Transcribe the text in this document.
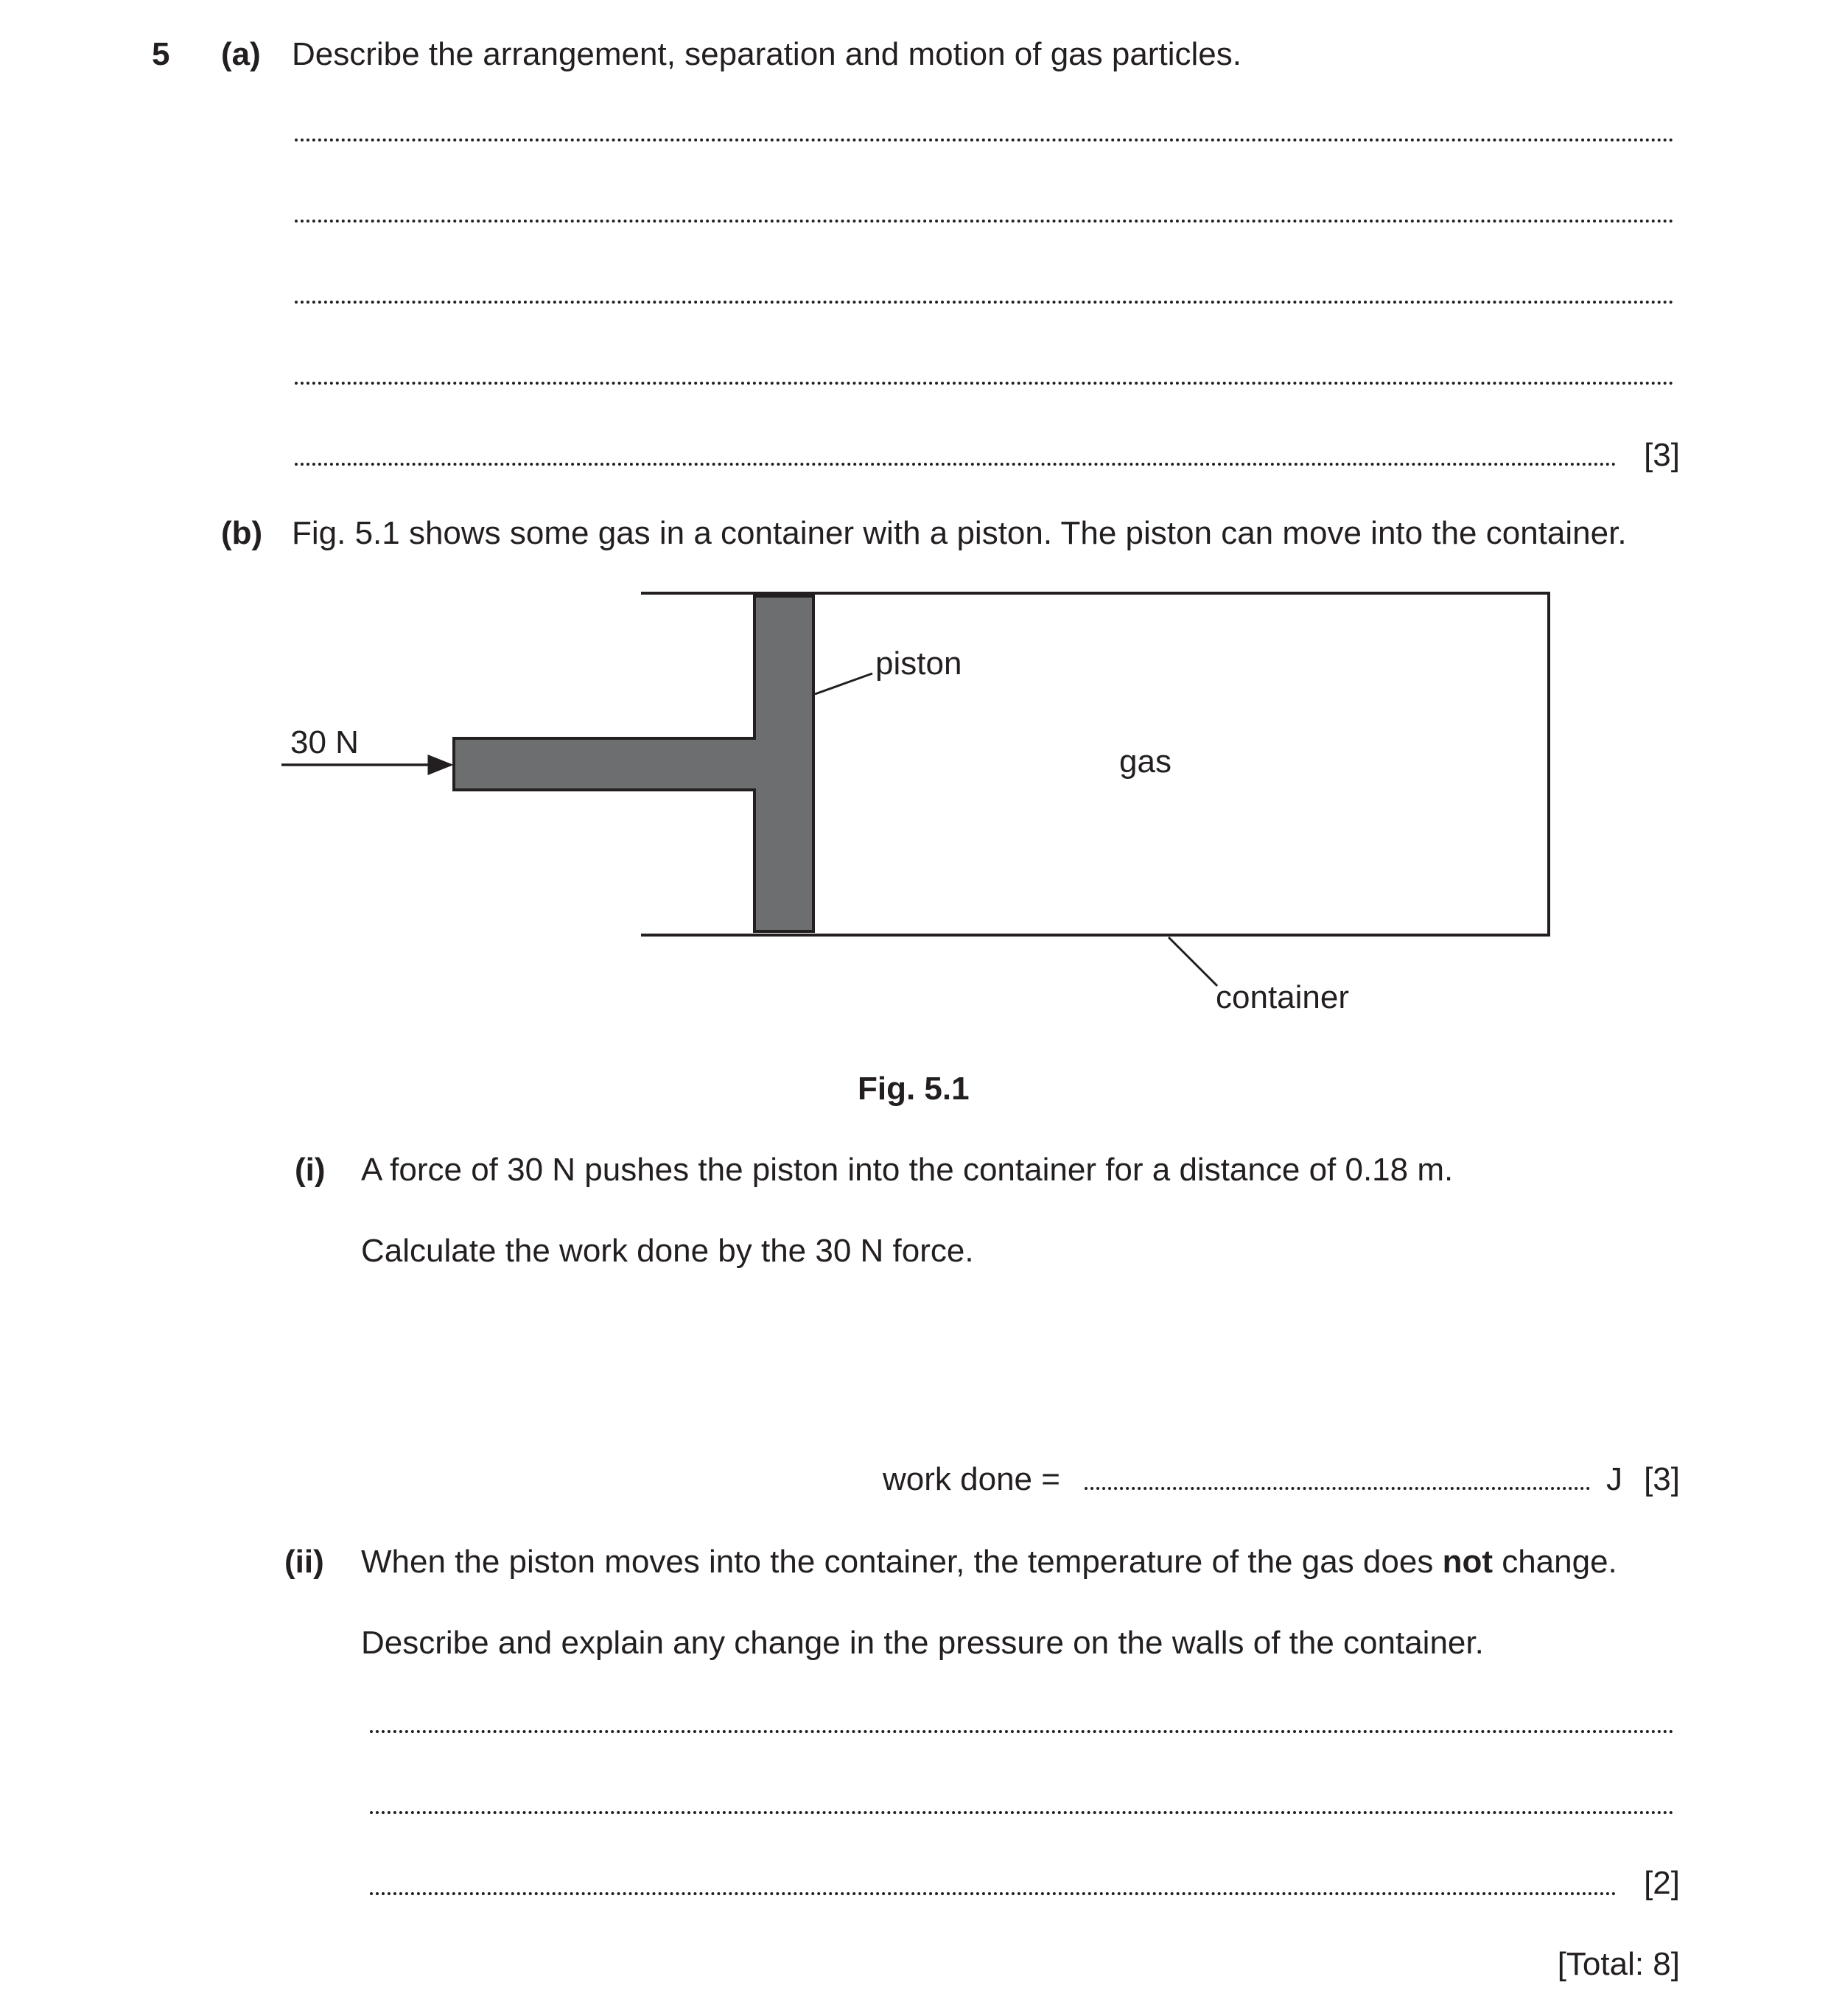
5 (a) Describe the arrangement, separation and motion of gas particles.
[3]
(b) Fig. 5.1 shows some gas in a container with a piston. The piston can move into the container.
30 N
piston
gas
container
Fig. 5.1
(i) A force of 30 N pushes the piston into the container for a distance of 0.18 m.
Calculate the work done by the 30 N force.
work done =	J [3]
(ii) When the piston moves into the container, the temperature of the gas does not change.
Describe and explain any change in the pressure on the walls of the container.
[2]
[Total: 8]
